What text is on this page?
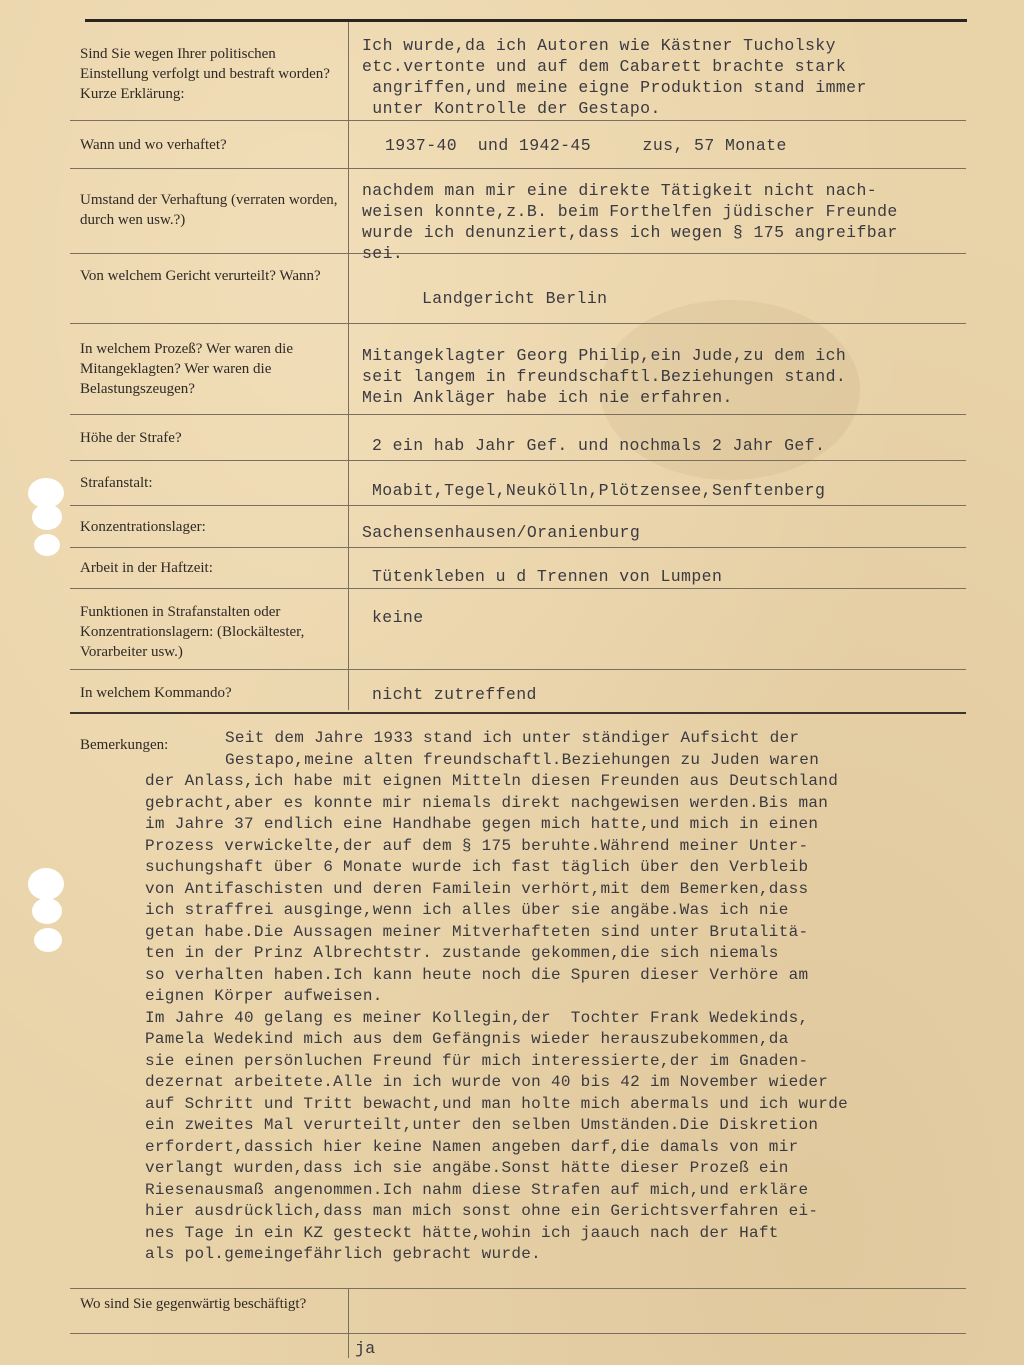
Sind Sie wegen Ihrer politischen Einstellung verfolgt und bestraft worden? Kurze Erklärung:
Wann und wo verhaftet?
Umstand der Verhaftung (verraten worden, durch wen usw.?)
Von welchem Gericht verurteilt? Wann?
In welchem Prozeß? Wer waren die Mitangeklagten? Wer waren die Belastungszeugen?
Höhe der Strafe?
Strafanstalt:
Konzentrationslager:
Arbeit in der Haftzeit:
Funktionen in Strafanstalten oder Konzentrationslagern: (Blockältester, Vorarbeiter usw.)
In welchem Kommando?
Ich wurde,da ich Autoren wie Kästner Tucholsky
etc.vertonte und auf dem Cabarett brachte stark
angriffen,und meine eigne Produktion stand immer
unter Kontrolle der Gestapo.
1937-40  und 1942-45     zus, 57 Monate
nachdem man mir eine direkte Tätigkeit nicht nach-
weisen konnte,z.B. beim Forthelfen jüdischer Freunde
wurde ich denunziert,dass ich wegen § 175 angreifbar
sei.
Landgericht Berlin
Mitangeklagter Georg Philip,ein Jude,zu dem ich
seit langem in freundschaftl.Beziehungen stand.
Mein Ankläger habe ich nie erfahren.
2 ein hab Jahr Gef. und nochmals 2 Jahr Gef.
Moabit,Tegel,Neukölln,Plötzensee,Senftenberg
Sachensenhausen/Oranienburg
Tütenkleben u d Trennen von Lumpen
keine
nicht zutreffend
Bemerkungen:	Seit dem Jahre 1933 stand ich unter ständiger Aufsicht der
Gestapo,meine alten freundschaftl.Beziehungen zu Juden waren
der Anlass,ich habe mit eignen Mitteln diesen Freunden aus Deutschland
gebracht,aber es konnte mir niemals direkt nachgewisen werden.Bis man
im Jahre 37 endlich eine Handhabe gegen mich hatte,und mich in einen
Prozess verwickelte,der auf dem § 175 beruhte.Während meiner Unter-
suchungshaft über 6 Monate wurde ich fast täglich über den Verbleib
von Antifaschisten und deren Familein verhört,mit dem Bemerken,dass
ich straffrei ausginge,wenn ich alles über sie angäbe.Was ich nie
getan habe.Die Aussagen meiner Mitverhafteten sind unter Brutalitä-
ten in der Prinz Albrechtstr. zustande gekommen,die sich niemals
so verhalten haben.Ich kann heute noch die Spuren dieser Verhöre am
eignen Körper aufweisen.
Im Jahre 40 gelang es meiner Kollegin,der  Tochter Frank Wedekinds,
Pamela Wedekind mich aus dem Gefängnis wieder herauszubekommen,da
sie einen persönluchen Freund für mich interessierte,der im Gnaden-
dezernat arbeitete.Alle in ich wurde von 40 bis 42 im November wieder
auf Schritt und Tritt bewacht,und man holte mich abermals und ich wurde
ein zweites Mal verurteilt,unter den selben Umständen.Die Diskretion
erfordert,dassich hier keine Namen angeben darf,die damals von mir
verlangt wurden,dass ich sie angäbe.Sonst hätte dieser Prozeß ein
Riesenausmaß angenommen.Ich nahm diese Strafen auf mich,und erkläre
hier ausdrücklich,dass man mich sonst ohne ein Gerichtsverfahren ei-
nes Tage in ein KZ gesteckt hätte,wohin ich jaauch nach der Haft
als pol.gemeingefährlich gebracht wurde.
Wo sind Sie gegenwärtig beschäftigt?
ja
